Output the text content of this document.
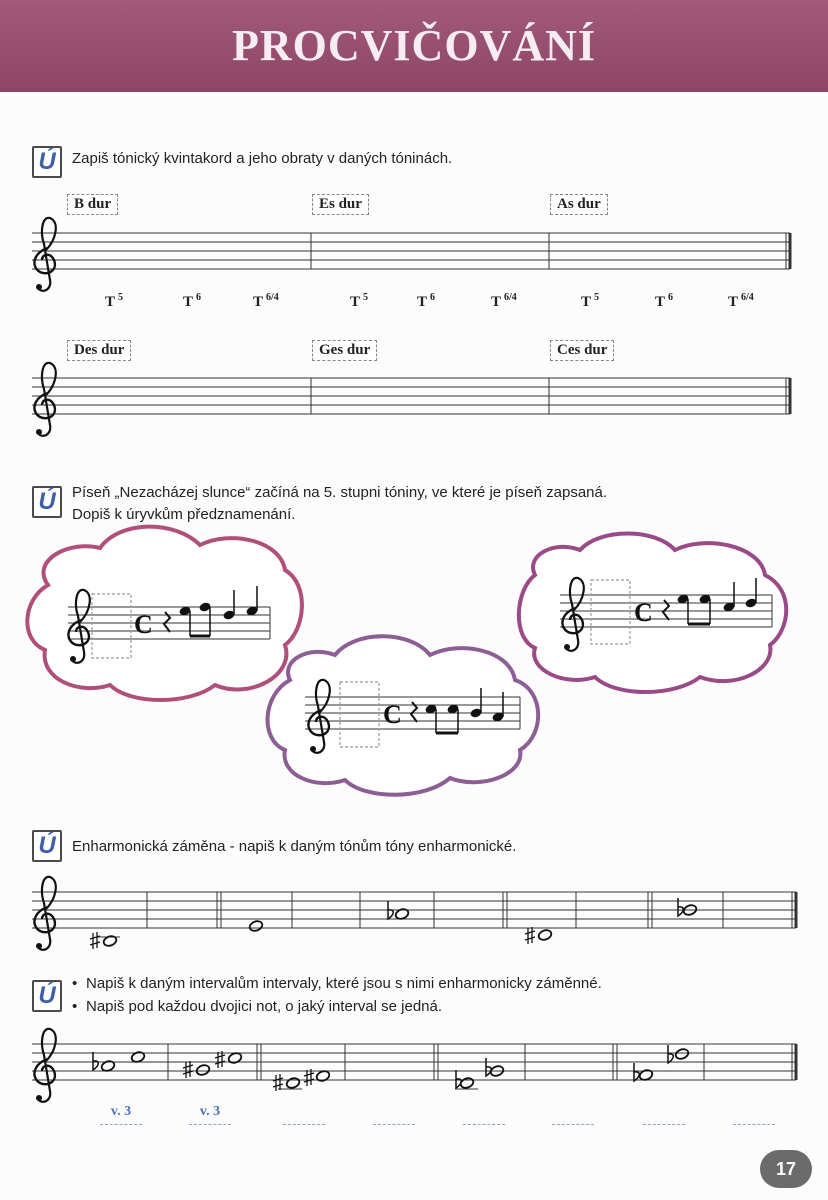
PROCVIČOVÁNÍ
Ú	Zapiš tónický kvintakord a jeho obraty v daných tóninách.
B dur	Es dur	As dur
T $^5$	T $^6$	T $^{6/4}$	T $^5$	T $^6$	T $^{6/4}$	T $^5$	T $^6$	T $^{6/4}$
Des dur	Ges dur	Ces dur
Ú	Píseň „Nezacházej slunce“ začíná na 5. stupni tóniny, ve které je píseň zapsaná.
Dopiš k úryvkům předznamenání.
Ú	Enharmonická záměna - napiš k daným tónům tóny enharmonické.
Ú
•	Napiš k daným intervalům intervaly, které jsou s nimi enharmonicky záměnné.
• Napiš pod každou dvojici not, o jaký interval se jedná.
v. 3	v. 3
17
C
C
C
